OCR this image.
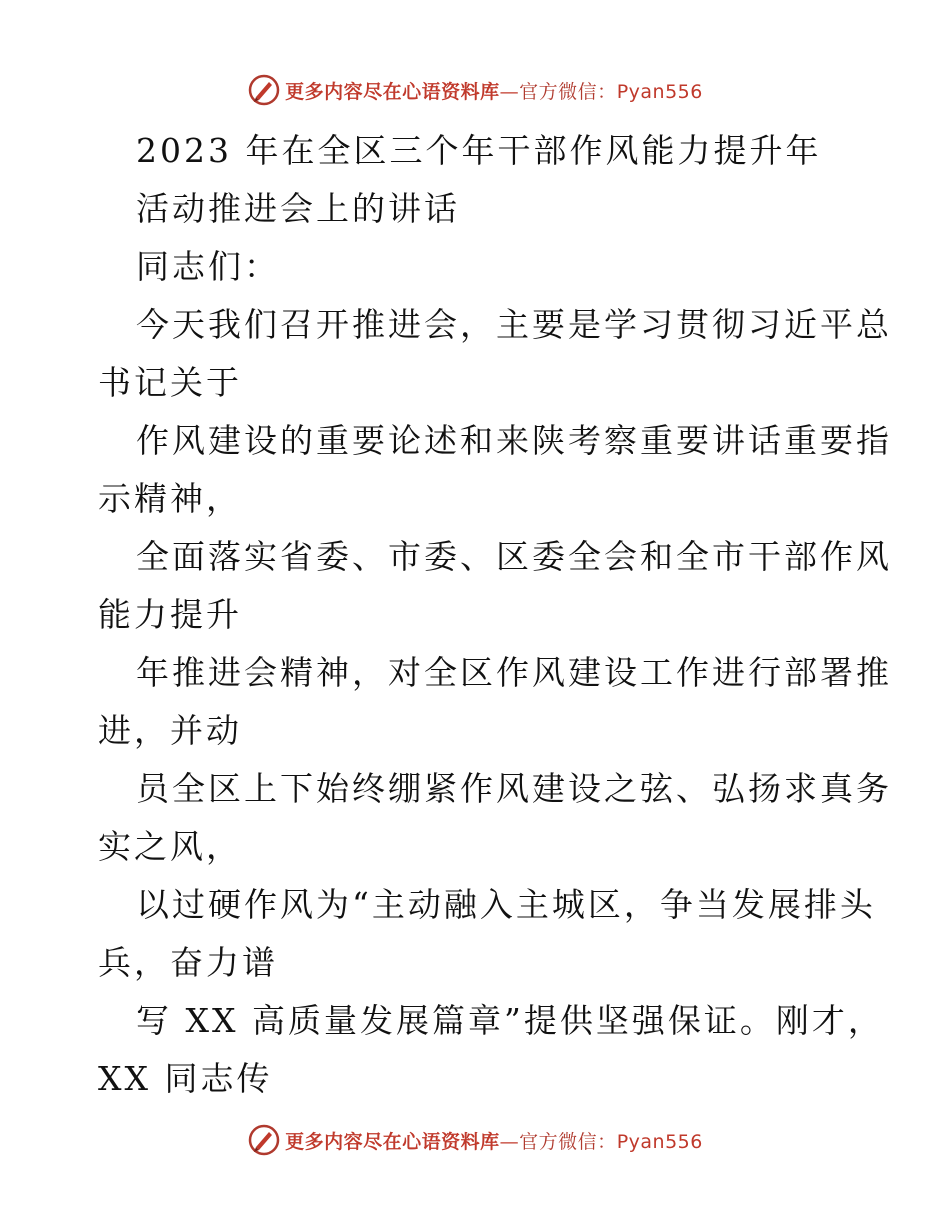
更多内容尽在心语资料库—官方微信：Pyan556
2023 年在全区三个年干部作风能力提升年
活动推进会上的讲话
同志们：
今天我们召开推进会，主要是学习贯彻习近平总
书记关于
作风建设的重要论述和来陕考察重要讲话重要指
示精神，
全面落实省委、市委、区委全会和全市干部作风
能力提升
年推进会精神，对全区作风建设工作进行部署推
进，并动
员全区上下始终绷紧作风建设之弦、弘扬求真务
实之风，
以过硬作风为“主动融入主城区，争当发展排头
兵，奋力谱
写 XX 高质量发展篇章”提供坚强保证。刚才，
XX 同志传
更多内容尽在心语资料库—官方微信：Pyan556
